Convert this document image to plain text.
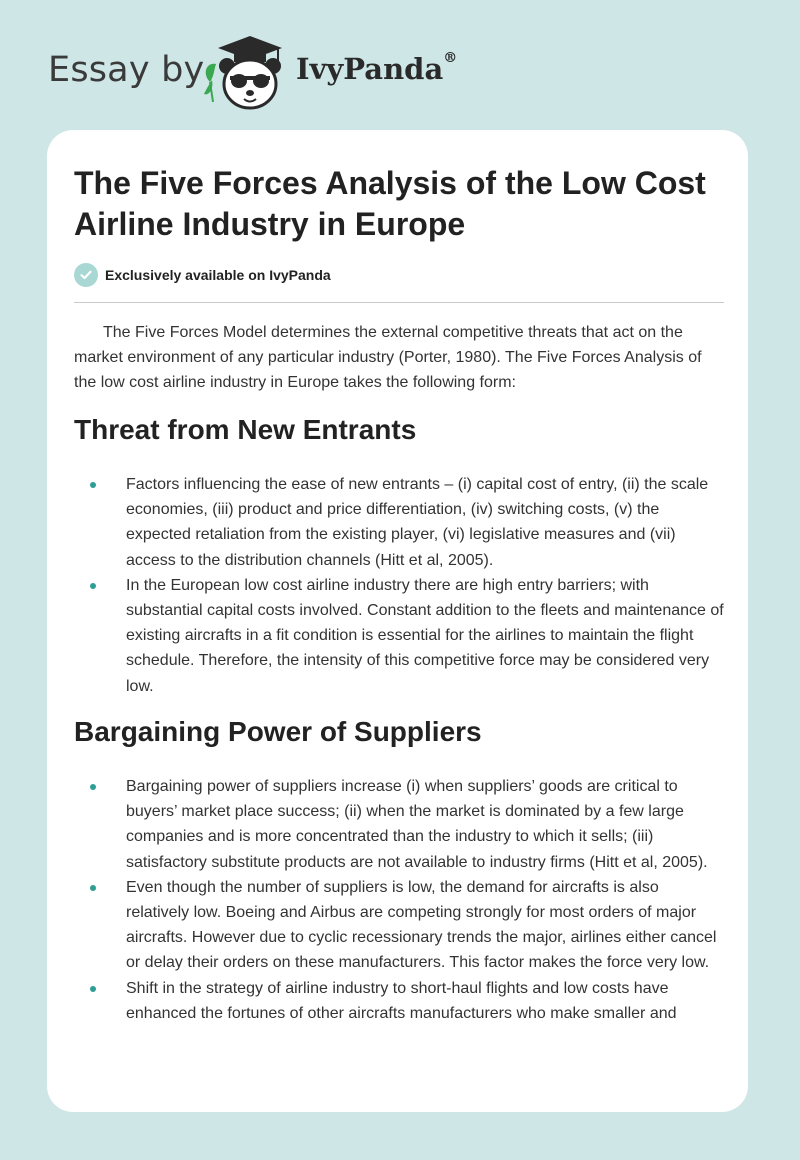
Essay by	IvyPanda®
The Five Forces Analysis of the Low Cost Airline Industry in Europe
Exclusively available on IvyPanda

The Five Forces Model determines the external competitive threats that act on the market environment of any particular industry (Porter, 1980). The Five Forces Analysis of the low cost airline industry in Europe takes the following form:

Threat from New Entrants
Factors influencing the ease of new entrants – (i) capital cost of entry, (ii) the scale economies, (iii) product and price differentiation, (iv) switching costs, (v) the expected retaliation from the existing player, (vi) legislative measures and (vii) access to the distribution channels (Hitt et al, 2005).
In the European low cost airline industry there are high entry barriers; with substantial capital costs involved. Constant addition to the fleets and maintenance of existing aircrafts in a fit condition is essential for the airlines to maintain the flight schedule. Therefore, the intensity of this competitive force may be considered very low.
Bargaining Power of Suppliers
Bargaining power of suppliers increase (i) when suppliers’ goods are critical to buyers’ market place success; (ii) when the market is dominated by a few large companies and is more concentrated than the industry to which it sells; (iii) satisfactory substitute products are not available to industry firms (Hitt et al, 2005).
Even though the number of suppliers is low, the demand for aircrafts is also relatively low. Boeing and Airbus are competing strongly for most orders of major aircrafts. However due to cyclic recessionary trends the major, airlines either cancel or delay their orders on these manufacturers. This factor makes the force very low.
Shift in the strategy of airline industry to short-haul flights and low costs have enhanced the fortunes of other aircrafts manufacturers who make smaller and
